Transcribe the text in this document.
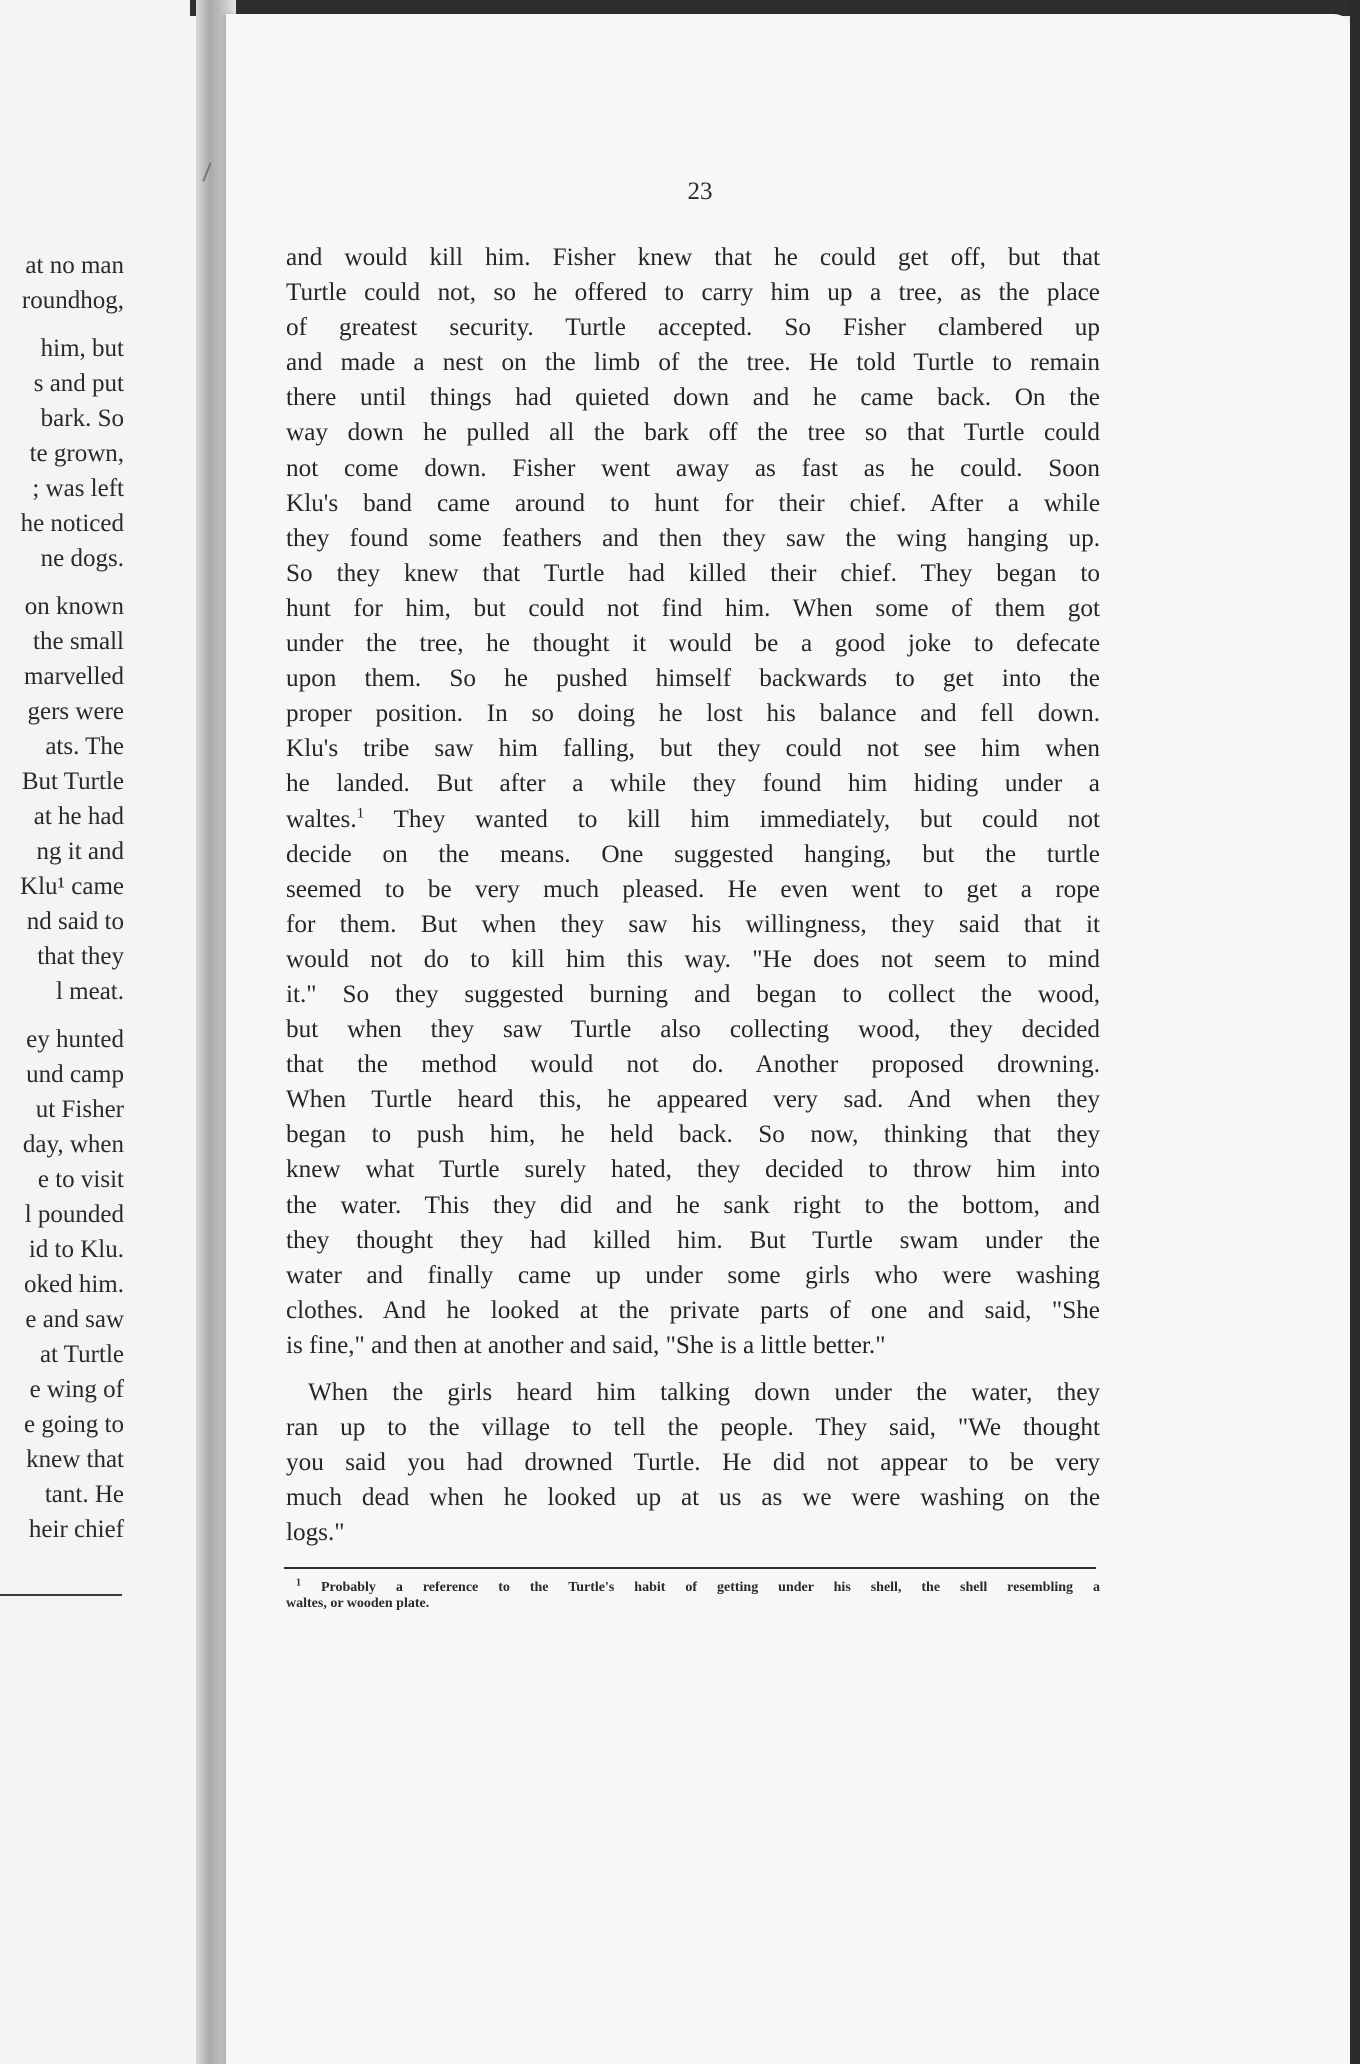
at no man
roundhog,
him, but
s and put
bark. So
te grown,
; was left
he noticed
ne dogs.
on known
the small
marvelled
gers were
ats. The
But Turtle
at he had
ng it and
Klu¹ came
nd said to
that they
l meat.
ey hunted
und camp
ut Fisher
day, when
e to visit
l pounded
id to Klu.
oked him.
e and saw
at Turtle
e wing of
e going to
knew that
tant. He
heir chief
23
and would kill him. Fisher knew that he could get off, but that
Turtle could not, so he offered to carry him up a tree, as the place
of greatest security. Turtle accepted. So Fisher clambered up
and made a nest on the limb of the tree. He told Turtle to remain
there until things had quieted down and he came back. On the
way down he pulled all the bark off the tree so that Turtle could
not come down. Fisher went away as fast as he could. Soon
Klu's band came around to hunt for their chief. After a while
they found some feathers and then they saw the wing hanging up.
So they knew that Turtle had killed their chief. They began to
hunt for him, but could not find him. When some of them got
under the tree, he thought it would be a good joke to defecate
upon them. So he pushed himself backwards to get into the
proper position. In so doing he lost his balance and fell down.
Klu's tribe saw him falling, but they could not see him when
he landed. But after a while they found him hiding under a
waltes.$^1$ They wanted to kill him immediately, but could not
decide on the means. One suggested hanging, but the turtle
seemed to be very much pleased. He even went to get a rope
for them. But when they saw his willingness, they said that it
would not do to kill him this way. "He does not seem to mind
it." So they suggested burning and began to collect the wood,
but when they saw Turtle also collecting wood, they decided
that the method would not do. Another proposed drowning.
When Turtle heard this, he appeared very sad. And when they
began to push him, he held back. So now, thinking that they
knew what Turtle surely hated, they decided to throw him into
the water. This they did and he sank right to the bottom, and
they thought they had killed him. But Turtle swam under the
water and finally came up under some girls who were washing
clothes. And he looked at the private parts of one and said, "She
is fine," and then at another and said, "She is a little better."
When the girls heard him talking down under the water, they
ran up to the village to tell the people. They said, "We thought
you said you had drowned Turtle. He did not appear to be very
much dead when he looked up at us as we were washing on the
logs."
$^1$ Probably a reference to the Turtle's habit of getting under his shell, the shell resembling a
waltes, or wooden plate.
